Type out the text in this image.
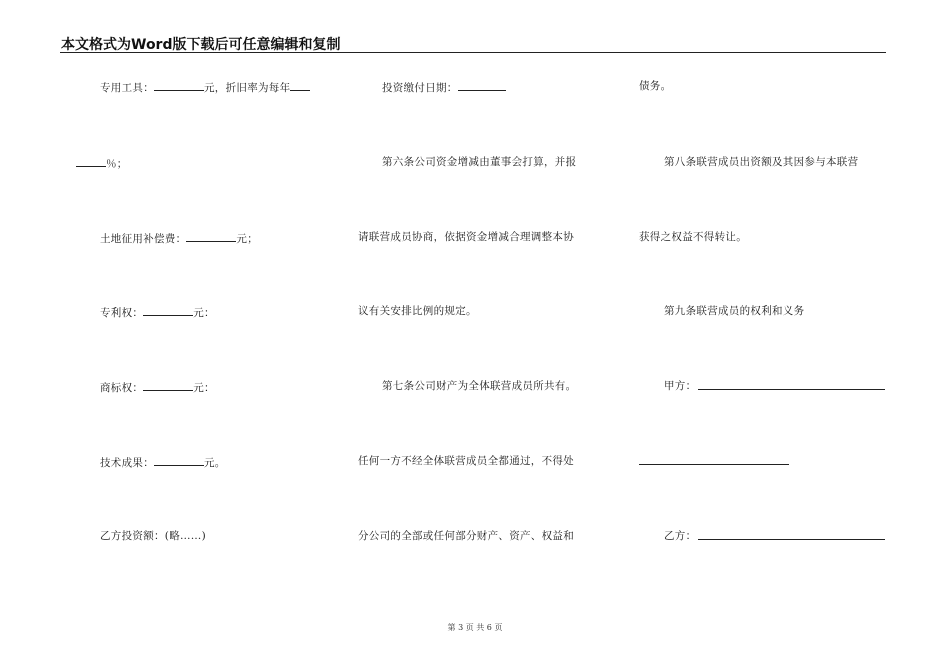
本文格式为Word版下载后可任意编辑和复制
专用工具：	元，折旧率为每年
％；
土地征用补偿费：	元；
专利权：	元：
商标权：	元：
技术成果：	元。
乙方投资额：(略……)
投资缴付日期：
第六条公司资金增减由董事会打算，并报
请联营成员协商，依据资金增减合理调整本协
议有关安排比例的规定。
第七条公司财产为全体联营成员所共有。
任何一方不经全体联营成员全都通过，不得处
分公司的全部或任何部分财产、资产、权益和
债务。
第八条联营成员出资额及其因参与本联营
获得之权益不得转让。
第九条联营成员的权利和义务
甲方：
乙方：
第 3 页 共 6 页
